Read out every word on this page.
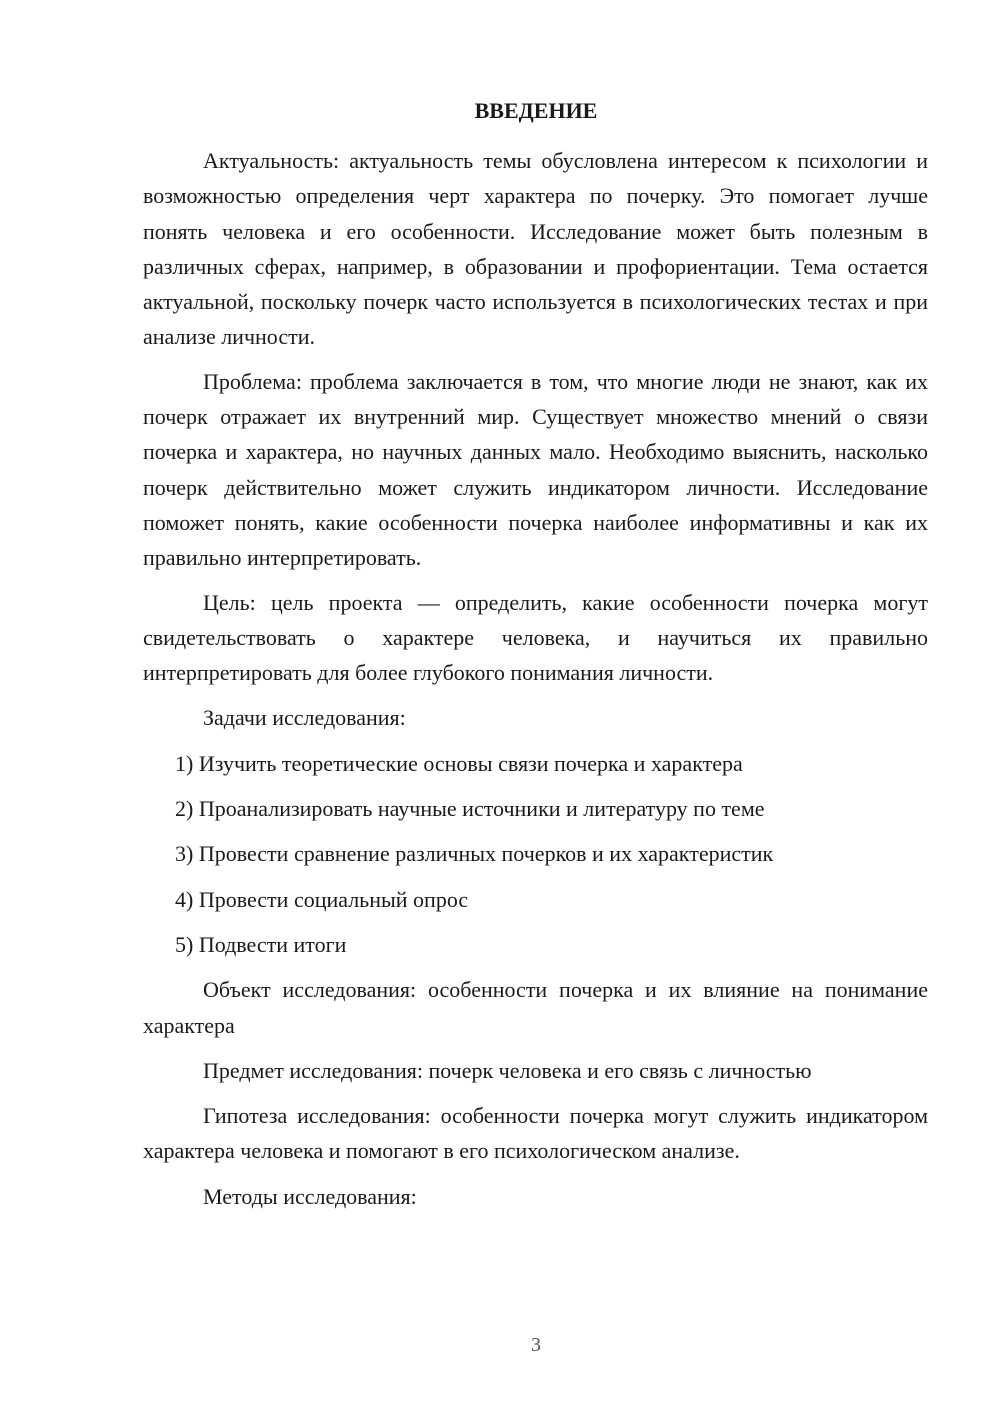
ВВЕДЕНИЕ

Актуальность: актуальность темы обусловлена интересом к психологии и возможностью определения черт характера по почерку. Это помогает лучше понять человека и его особенности. Исследование может быть полезным в различных сферах, например, в образовании и профориентации. Тема остается актуальной, поскольку почерк часто используется в психологических тестах и при анализе личности.

Проблема: проблема заключается в том, что многие люди не знают, как их почерк отражает их внутренний мир. Существует множество мнений о связи почерка и характера, но научных данных мало. Необходимо выяснить, насколько почерк действительно может служить индикатором личности. Исследование поможет понять, какие особенности почерка наиболее информативны и как их правильно интерпретировать.

Цель: цель проекта — определить, какие особенности почерка могут свидетельствовать о характере человека, и научиться их правильно интерпретировать для более глубокого понимания личности.

Задачи исследования:

1) Изучить теоретические основы связи почерка и характера

2) Проанализировать научные источники и литературу по теме

3) Провести сравнение различных почерков и их характеристик

4) Провести социальный опрос

5) Подвести итоги

Объект исследования: особенности почерка и их влияние на понимание характера

Предмет исследования: почерк человека и его связь с личностью

Гипотеза исследования: особенности почерка могут служить индикатором характера человека и помогают в его психологическом анализе.

Методы исследования:

3
